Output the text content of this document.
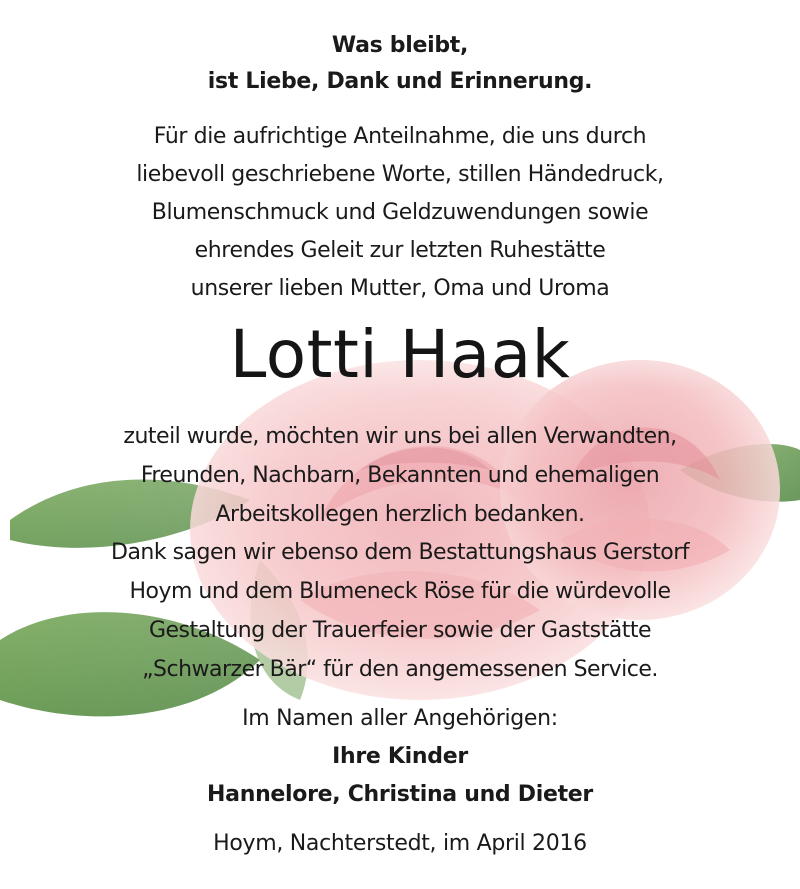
Was bleibt,
ist Liebe, Dank und Erinnerung.
Für die aufrichtige Anteilnahme, die uns durch
liebevoll geschriebene Worte, stillen Händedruck,
Blumenschmuck und Geldzuwendungen sowie
ehrendes Geleit zur letzten Ruhestätte
unserer lieben Mutter, Oma und Uroma
Lotti Haak
zuteil wurde, möchten wir uns bei allen Verwandten,
Freunden, Nachbarn, Bekannten und ehemaligen
Arbeitskollegen herzlich bedanken.
Dank sagen wir ebenso dem Bestattungshaus Gerstorf
Hoym und dem Blumeneck Röse für die würdevolle
Gestaltung der Trauerfeier sowie der Gaststätte
„Schwarzer Bär“ für den angemessenen Service.
Im Namen aller Angehörigen:
Ihre Kinder
Hannelore, Christina und Dieter
Hoym, Nachterstedt, im April 2016
